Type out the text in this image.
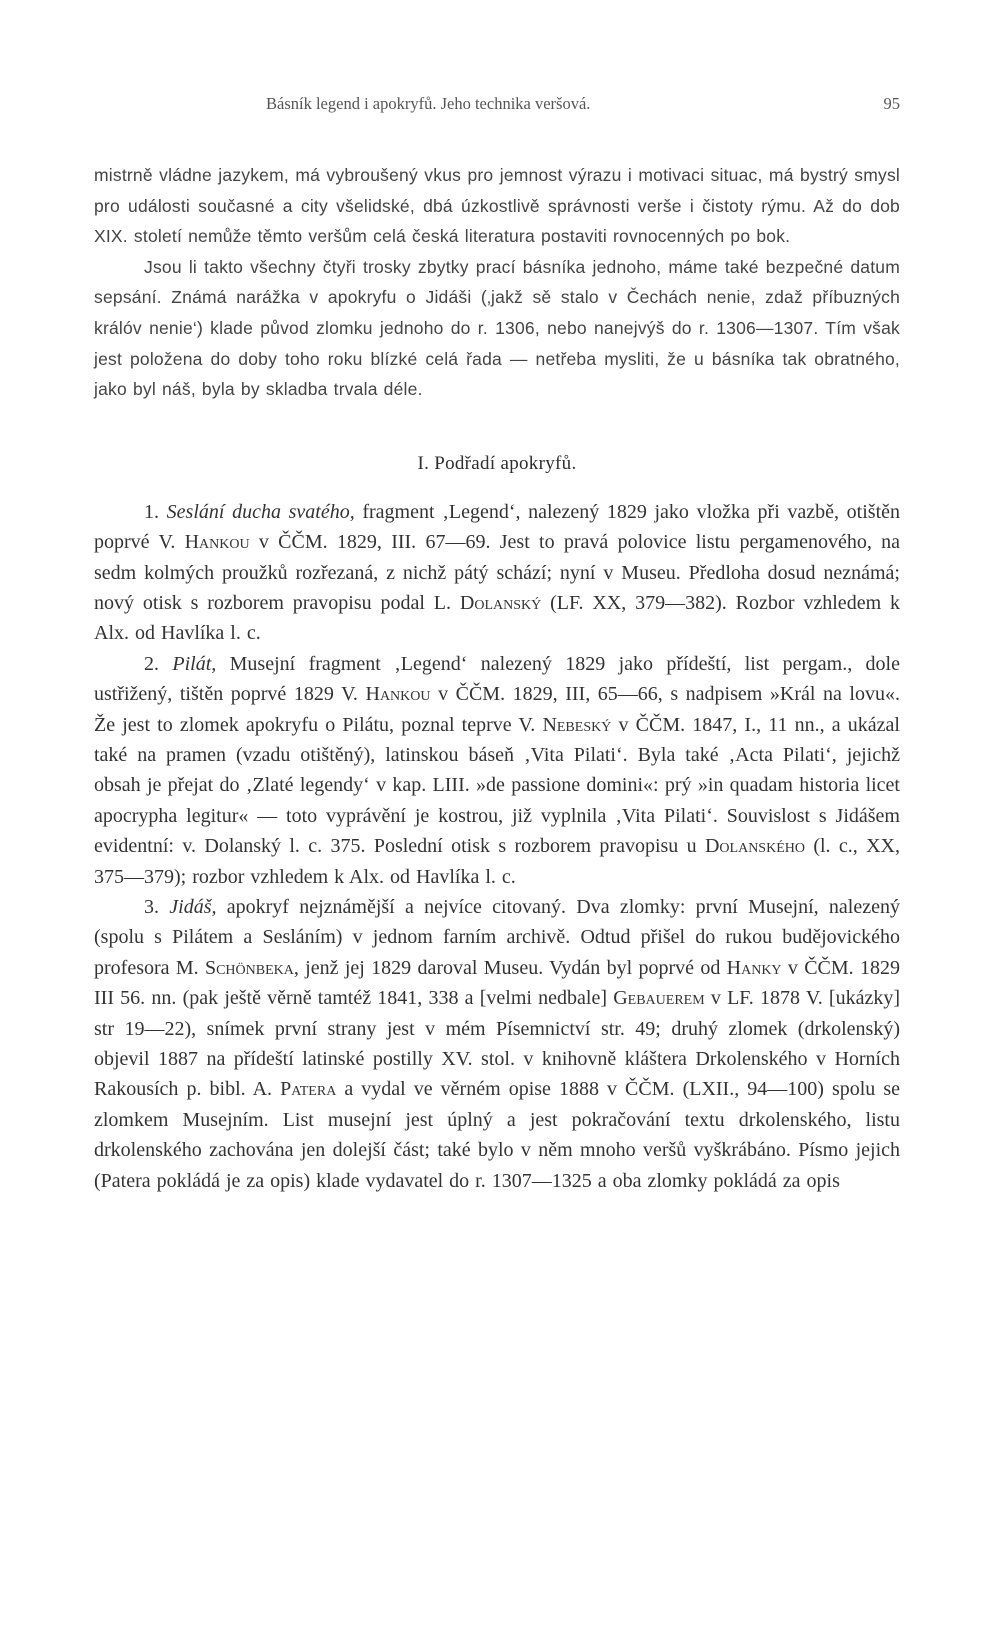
Básník legend i apokryfů. Jeho technika veršová.	95

mistrně vládne jazykem, má vybroušený vkus pro jemnost výrazu i motivaci situac, má bystrý smysl pro události současné a city všelidské, dbá úzkostlivě správnosti verše i čistoty rýmu. Až do dob XIX. století nemůže těmto veršům celá česká literatura postaviti rovnocenných po bok.

Jsou li takto všechny čtyři trosky zbytky prací básníka jednoho, máme také bezpečné datum sepsání. Známá narážka v apokryfu o Jidáši (‚jakž sě stalo v Čechách nenie, zdaž příbuzných králóv nenie‘) klade původ zlomku jednoho do r. 1306, nebo nanejvýš do r. 1306—1307. Tím však jest položena do doby toho roku blízké celá řada — netřeba mysliti, že u básníka tak obratného, jako byl náš, byla by skladba trvala déle.

I. Podřadí apokryfů.

1. Seslání ducha svatého, fragment ‚Legend‘, nalezený 1829 jako vložka při vazbě, otištěn poprvé V. Hankou v ČČM. 1829, III. 67—69. Jest to pravá polovice listu pergamenového, na sedm kolmých proužků rozřezaná, z nichž pátý schází; nyní v Museu. Předloha dosud neznámá; nový otisk s rozborem pravopisu podal L. Dolanský (LF. XX, 379—382). Rozbor vzhledem k Alx. od Havlíka l. c.

2. Pilát, Musejní fragment ‚Legend‘ nalezený 1829 jako přídeští, list pergam., dole ustřižený, tištěn poprvé 1829 V. Hankou v ČČM. 1829, III, 65—66, s nadpisem »Král na lovu«. Že jest to zlomek apokryfu o Pilátu, poznal teprve V. Nebeský v ČČM. 1847, I., 11 nn., a ukázal také na pramen (vzadu otištěný), latinskou báseň ‚Vita Pilati‘. Byla také ‚Acta Pilati‘, jejichž obsah je přejat do ‚Zlaté legendy‘ v kap. LIII. »de passione domini«: prý »in quadam historia licet apocrypha legitur« — toto vyprávění je kostrou, již vyplnila ‚Vita Pilati‘. Souvislost s Jidášem evidentní: v. Dolanský l. c. 375. Poslední otisk s rozborem pravopisu u Dolanského (l. c., XX, 375—379); rozbor vzhledem k Alx. od Havlíka l. c.

3. Jidáš, apokryf nejznámější a nejvíce citovaný. Dva zlomky: první Musejní, nalezený (spolu s Pilátem a Sesláním) v jednom farním archivě. Odtud přišel do rukou budějovického profesora M. Schönbeka, jenž jej 1829 daroval Museu. Vydán byl poprvé od Hanky v ČČM. 1829 III 56. nn. (pak ještě věrně tamtéž 1841, 338 a [velmi nedbale] Gebauerem v LF. 1878 V. [ukázky] str 19—22), snímek první strany jest v mém Písemnictví str. 49; druhý zlomek (drkolenský) objevil 1887 na přídeští latinské postilly XV. stol. v knihovně kláštera Drkolenského v Horních Rakousích p. bibl. A. Patera a vydal ve věrném opise 1888 v ČČM. (LXII., 94—100) spolu se zlomkem Musejním. List musejní jest úplný a jest pokračování textu drkolenského, listu drkolenského zachována jen dolejší část; také bylo v něm mnoho veršů vyškrábáno. Písmo jejich (Patera pokládá je za opis) klade vydavatel do r. 1307—1325 a oba zlomky pokládá za opis
